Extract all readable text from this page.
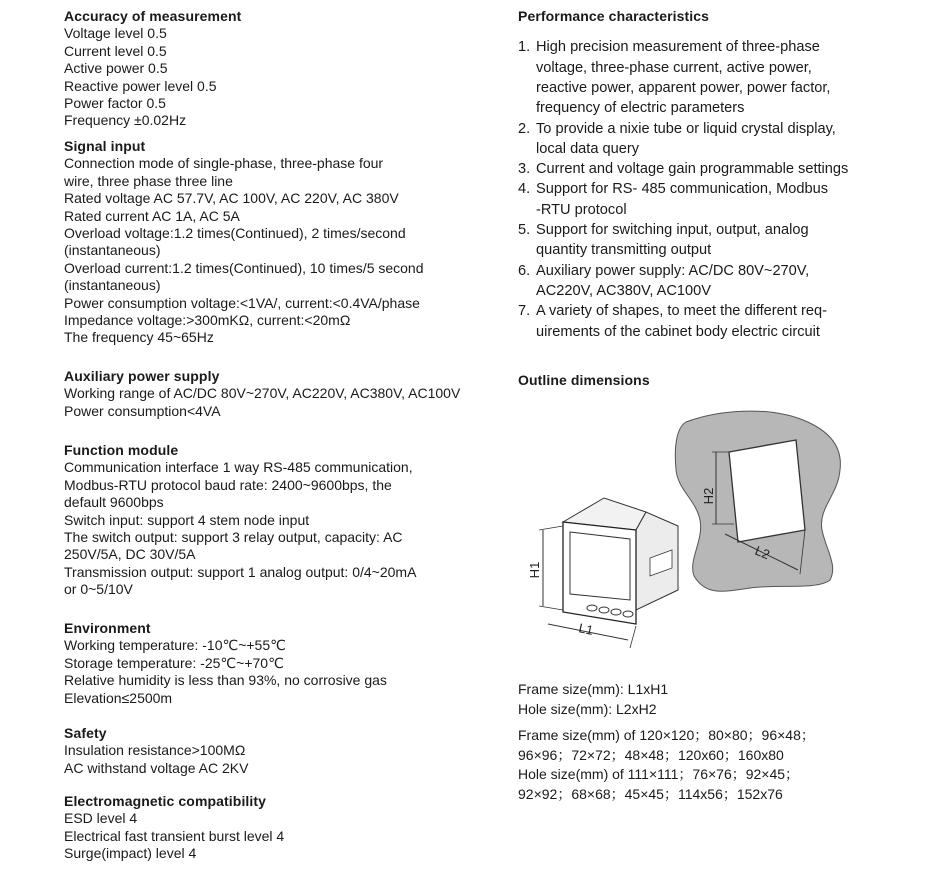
Accuracy of measurement
Voltage level 0.5
Current level 0.5
Active power 0.5
Reactive power level 0.5
Power factor 0.5
Frequency ±0.02Hz
Signal input
Connection mode of single-phase, three-phase four
wire, three phase three line
Rated voltage AC 57.7V, AC 100V, AC 220V, AC 380V
Rated current AC 1A, AC 5A
Overload voltage:1.2 times(Continued), 2 times/second
(instantaneous)
Overload current:1.2 times(Continued), 10 times/5 second
(instantaneous)
Power consumption voltage:<1VA/, current:<0.4VA/phase
Impedance voltage:>300mKΩ, current:<20mΩ
The frequency 45~65Hz
Auxiliary power supply
Working range of AC/DC 80V~270V, AC220V, AC380V, AC100V
Power consumption<4VA
Function module
Communication interface 1 way RS-485 communication,
Modbus-RTU protocol baud rate: 2400~9600bps, the
default 9600bps
Switch input: support 4 stem node input
The switch output: support 3 relay output, capacity: AC
250V/5A, DC 30V/5A
Transmission output: support 1 analog output: 0/4~20mA
or 0~5/10V
Environment
Working temperature: -10℃~+55℃
Storage temperature: -25℃~+70℃
Relative humidity is less than 93%, no corrosive gas
Elevation≤2500m
Safety
Insulation resistance>100MΩ
AC withstand voltage AC 2KV
Electromagnetic compatibility
ESD level 4
Electrical fast transient burst level 4
Surge(impact) level 4
Performance characteristics
1. High precision measurement of three-phase
voltage, three-phase current, active power,
reactive power, apparent power, power factor,
frequency of electric parameters
2. To provide a nixie tube or liquid crystal display,
local data query
3. Current and voltage gain programmable settings
4. Support for RS- 485 communication, Modbus
-RTU protocol
5. Support for switching input, output, analog
quantity transmitting output
6. Auxiliary power supply: AC/DC 80V~270V,
AC220V, AC380V, AC100V
7. A variety of shapes, to meet the different req-
uirements of the cabinet body electric circuit
Outline dimensions
H2
L2
H1
L1
Frame size(mm): L1xH1
Hole size(mm): L2xH2
Frame size(mm) of 120×120；80×80；96×48；
96×96；72×72；48×48；120x60；160x80
Hole size(mm) of 111×111；76×76；92×45；
92×92；68×68；45×45；114x56；152x76
